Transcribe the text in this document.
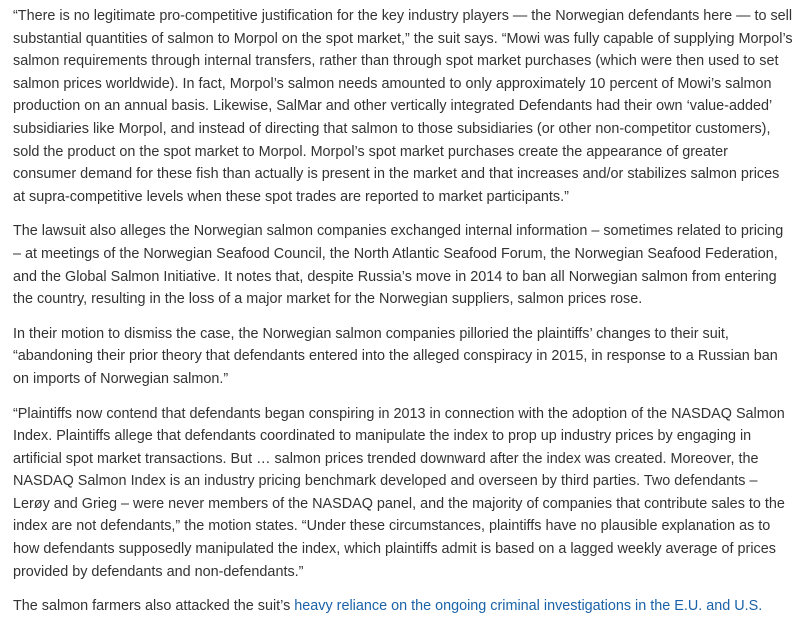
“There is no legitimate pro-competitive justification for the key industry players — the Norwegian defendants here — to sell substantial quantities of salmon to Morpol on the spot market,” the suit says. “Mowi was fully capable of supplying Morpol’s salmon requirements through internal transfers, rather than through spot market purchases (which were then used to set salmon prices worldwide). In fact, Morpol’s salmon needs amounted to only approximately 10 percent of Mowi’s salmon production on an annual basis. Likewise, SalMar and other vertically integrated Defendants had their own ‘value-added’ subsidiaries like Morpol, and instead of directing that salmon to those subsidiaries (or other non-competitor customers), sold the product on the spot market to Morpol. Morpol’s spot market purchases create the appearance of greater consumer demand for these fish than actually is present in the market and that increases and/or stabilizes salmon prices at supra-competitive levels when these spot trades are reported to market participants.”

The lawsuit also alleges the Norwegian salmon companies exchanged internal information – sometimes related to pricing – at meetings of the Norwegian Seafood Council, the North Atlantic Seafood Forum, the Norwegian Seafood Federation, and the Global Salmon Initiative. It notes that, despite Russia’s move in 2014 to ban all Norwegian salmon from entering the country, resulting in the loss of a major market for the Norwegian suppliers, salmon prices rose.

In their motion to dismiss the case, the Norwegian salmon companies pilloried the plaintiffs’ changes to their suit, “abandoning their prior theory that defendants entered into the alleged conspiracy in 2015, in response to a Russian ban on imports of Norwegian salmon.”

“Plaintiffs now contend that defendants began conspiring in 2013 in connection with the adoption of the NASDAQ Salmon Index. Plaintiffs allege that defendants coordinated to manipulate the index to prop up industry prices by engaging in artificial spot market transactions. But … salmon prices trended downward after the index was created. Moreover, the NASDAQ Salmon Index is an industry pricing benchmark developed and overseen by third parties. Two defendants – Lerøy and Grieg – were never members of the NASDAQ panel, and the majority of companies that contribute sales to the index are not defendants,” the motion states. “Under these circumstances, plaintiffs have no plausible explanation as to how defendants supposedly manipulated the index, which plaintiffs admit is based on a lagged weekly average of prices provided by defendants and non-defendants.”

The salmon farmers also attacked the suit’s heavy reliance on the ongoing criminal investigations in the E.U. and U.S.
